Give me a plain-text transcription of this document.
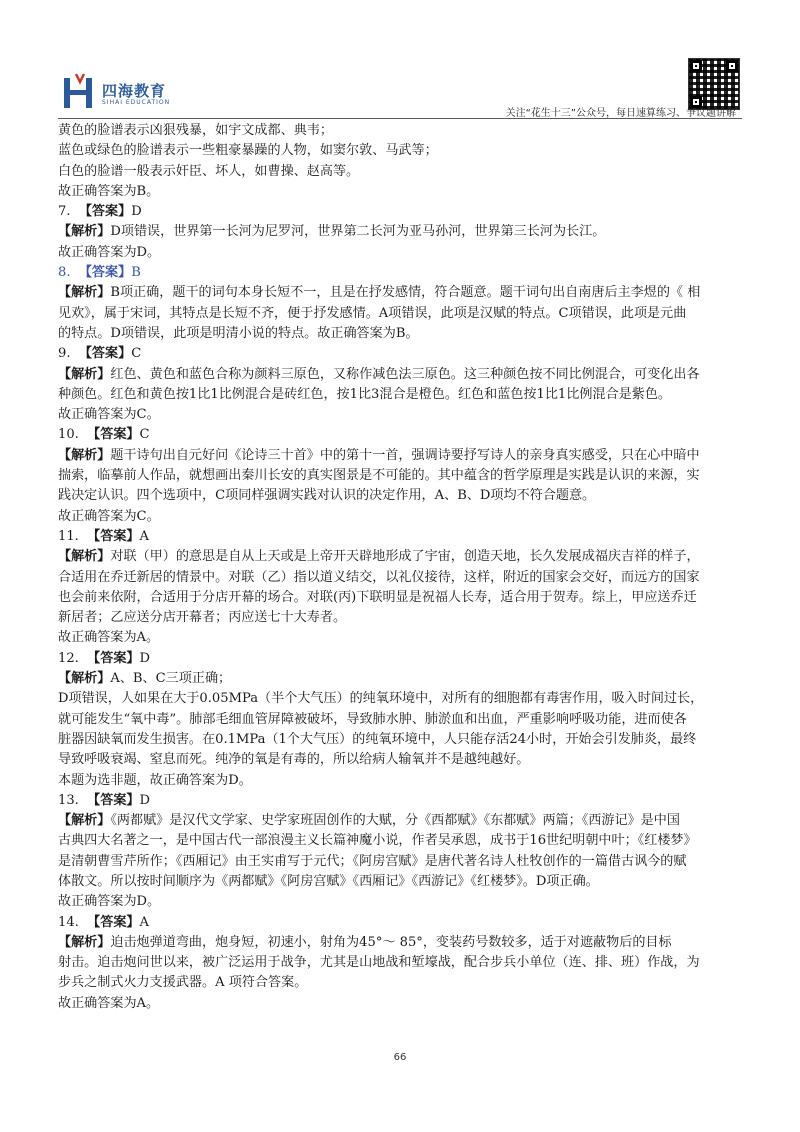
四海教育
SIHAI EDUCATION
关注“花生十三”公众号，每日速算练习、争议题讲解
黄色的脸谱表示凶狠残暴，如宇文成都、典韦；
蓝色或绿色的脸谱表示一些粗豪暴躁的人物，如窦尔敦、马武等；
白色的脸谱一般表示奸臣、坏人，如曹操、赵高等。
故正确答案为B。
7. 【答案】D
【解析】D项错误，世界第一长河为尼罗河，世界第二长河为亚马孙河，世界第三长河为长江。
故正确答案为D。
8. 【答案】B
【解析】B项正确，题干的词句本身长短不一，且是在抒发感情，符合题意。题干词句出自南唐后主李煜的《 相
见欢》，属于宋词，其特点是长短不齐，便于抒发感情。A项错误，此项是汉赋的特点。C项错误，此项是元曲
的特点。D项错误，此项是明清小说的特点。故正确答案为B。
9. 【答案】C
【解析】红色、黄色和蓝色合称为颜料三原色，又称作减色法三原色。这三种颜色按不同比例混合，可变化出各
种颜色。红色和黄色按1比1比例混合是砖红色，按1比3混合是橙色。红色和蓝色按1比1比例混合是紫色。
故正确答案为C。
10. 【答案】C
【解析】题干诗句出自元好问《论诗三十首》中的第十一首，强调诗要抒写诗人的亲身真实感受，只在心中暗中
揣索，临摹前人作品，就想画出秦川长安的真实图景是不可能的。其中蕴含的哲学原理是实践是认识的来源，实
践决定认识。四个选项中，C项同样强调实践对认识的决定作用，A、B、D项均不符合题意。
故正确答案为C。
11. 【答案】A
【解析】对联（甲）的意思是自从上天或是上帝开天辟地形成了宇宙，创造天地，长久发展成福庆吉祥的样子，
合适用在乔迁新居的情景中。对联（乙）指以道义结交，以礼仪接待，这样，附近的国家会交好，而远方的国家
也会前来依附，合适用于分店开幕的场合。对联(丙)下联明显是祝福人长寿，适合用于贺寿。综上，甲应送乔迁
新居者；乙应送分店开幕者；丙应送七十大寿者。
故正确答案为A。
12. 【答案】D
【解析】A、B、C三项正确；
D项错误，人如果在大于0.05MPa（半个大气压）的纯氧环境中，对所有的细胞都有毒害作用，吸入时间过长，
就可能发生“氧中毒”。肺部毛细血管屏障被破坏，导致肺水肿、肺淤血和出血，严重影响呼吸功能，进而使各
脏器因缺氧而发生损害。在0.1MPa（1个大气压）的纯氧环境中，人只能存活24小时，开始会引发肺炎，最终
导致呼吸衰竭、窒息而死。纯净的氧是有毒的，所以给病人输氧并不是越纯越好。
本题为选非题，故正确答案为D。
13. 【答案】D
【解析】《两都赋》是汉代文学家、史学家班固创作的大赋，分《西都赋》《东都赋》两篇；《西游记》是中国
古典四大名著之一，是中国古代一部浪漫主义长篇神魔小说，作者吴承恩，成书于16世纪明朝中叶；《红楼梦》
是清朝曹雪芹所作；《西厢记》由王实甫写于元代；《阿房宫赋》是唐代著名诗人杜牧创作的一篇借古讽今的赋
体散文。所以按时间顺序为《两都赋》《阿房宫赋》《西厢记》《西游记》《红楼梦》。D项正确。
故正确答案为D。
14. 【答案】A
【解析】迫击炮弹道弯曲，炮身短，初速小，射角为45°～ 85°，变装药号数较多，适于对遮蔽物后的目标
射击。迫击炮问世以来，被广泛运用于战争，尤其是山地战和堑壕战，配合步兵小单位（连、排、班）作战，为
步兵之制式火力支援武器。A 项符合答案。
故正确答案为A。
66
